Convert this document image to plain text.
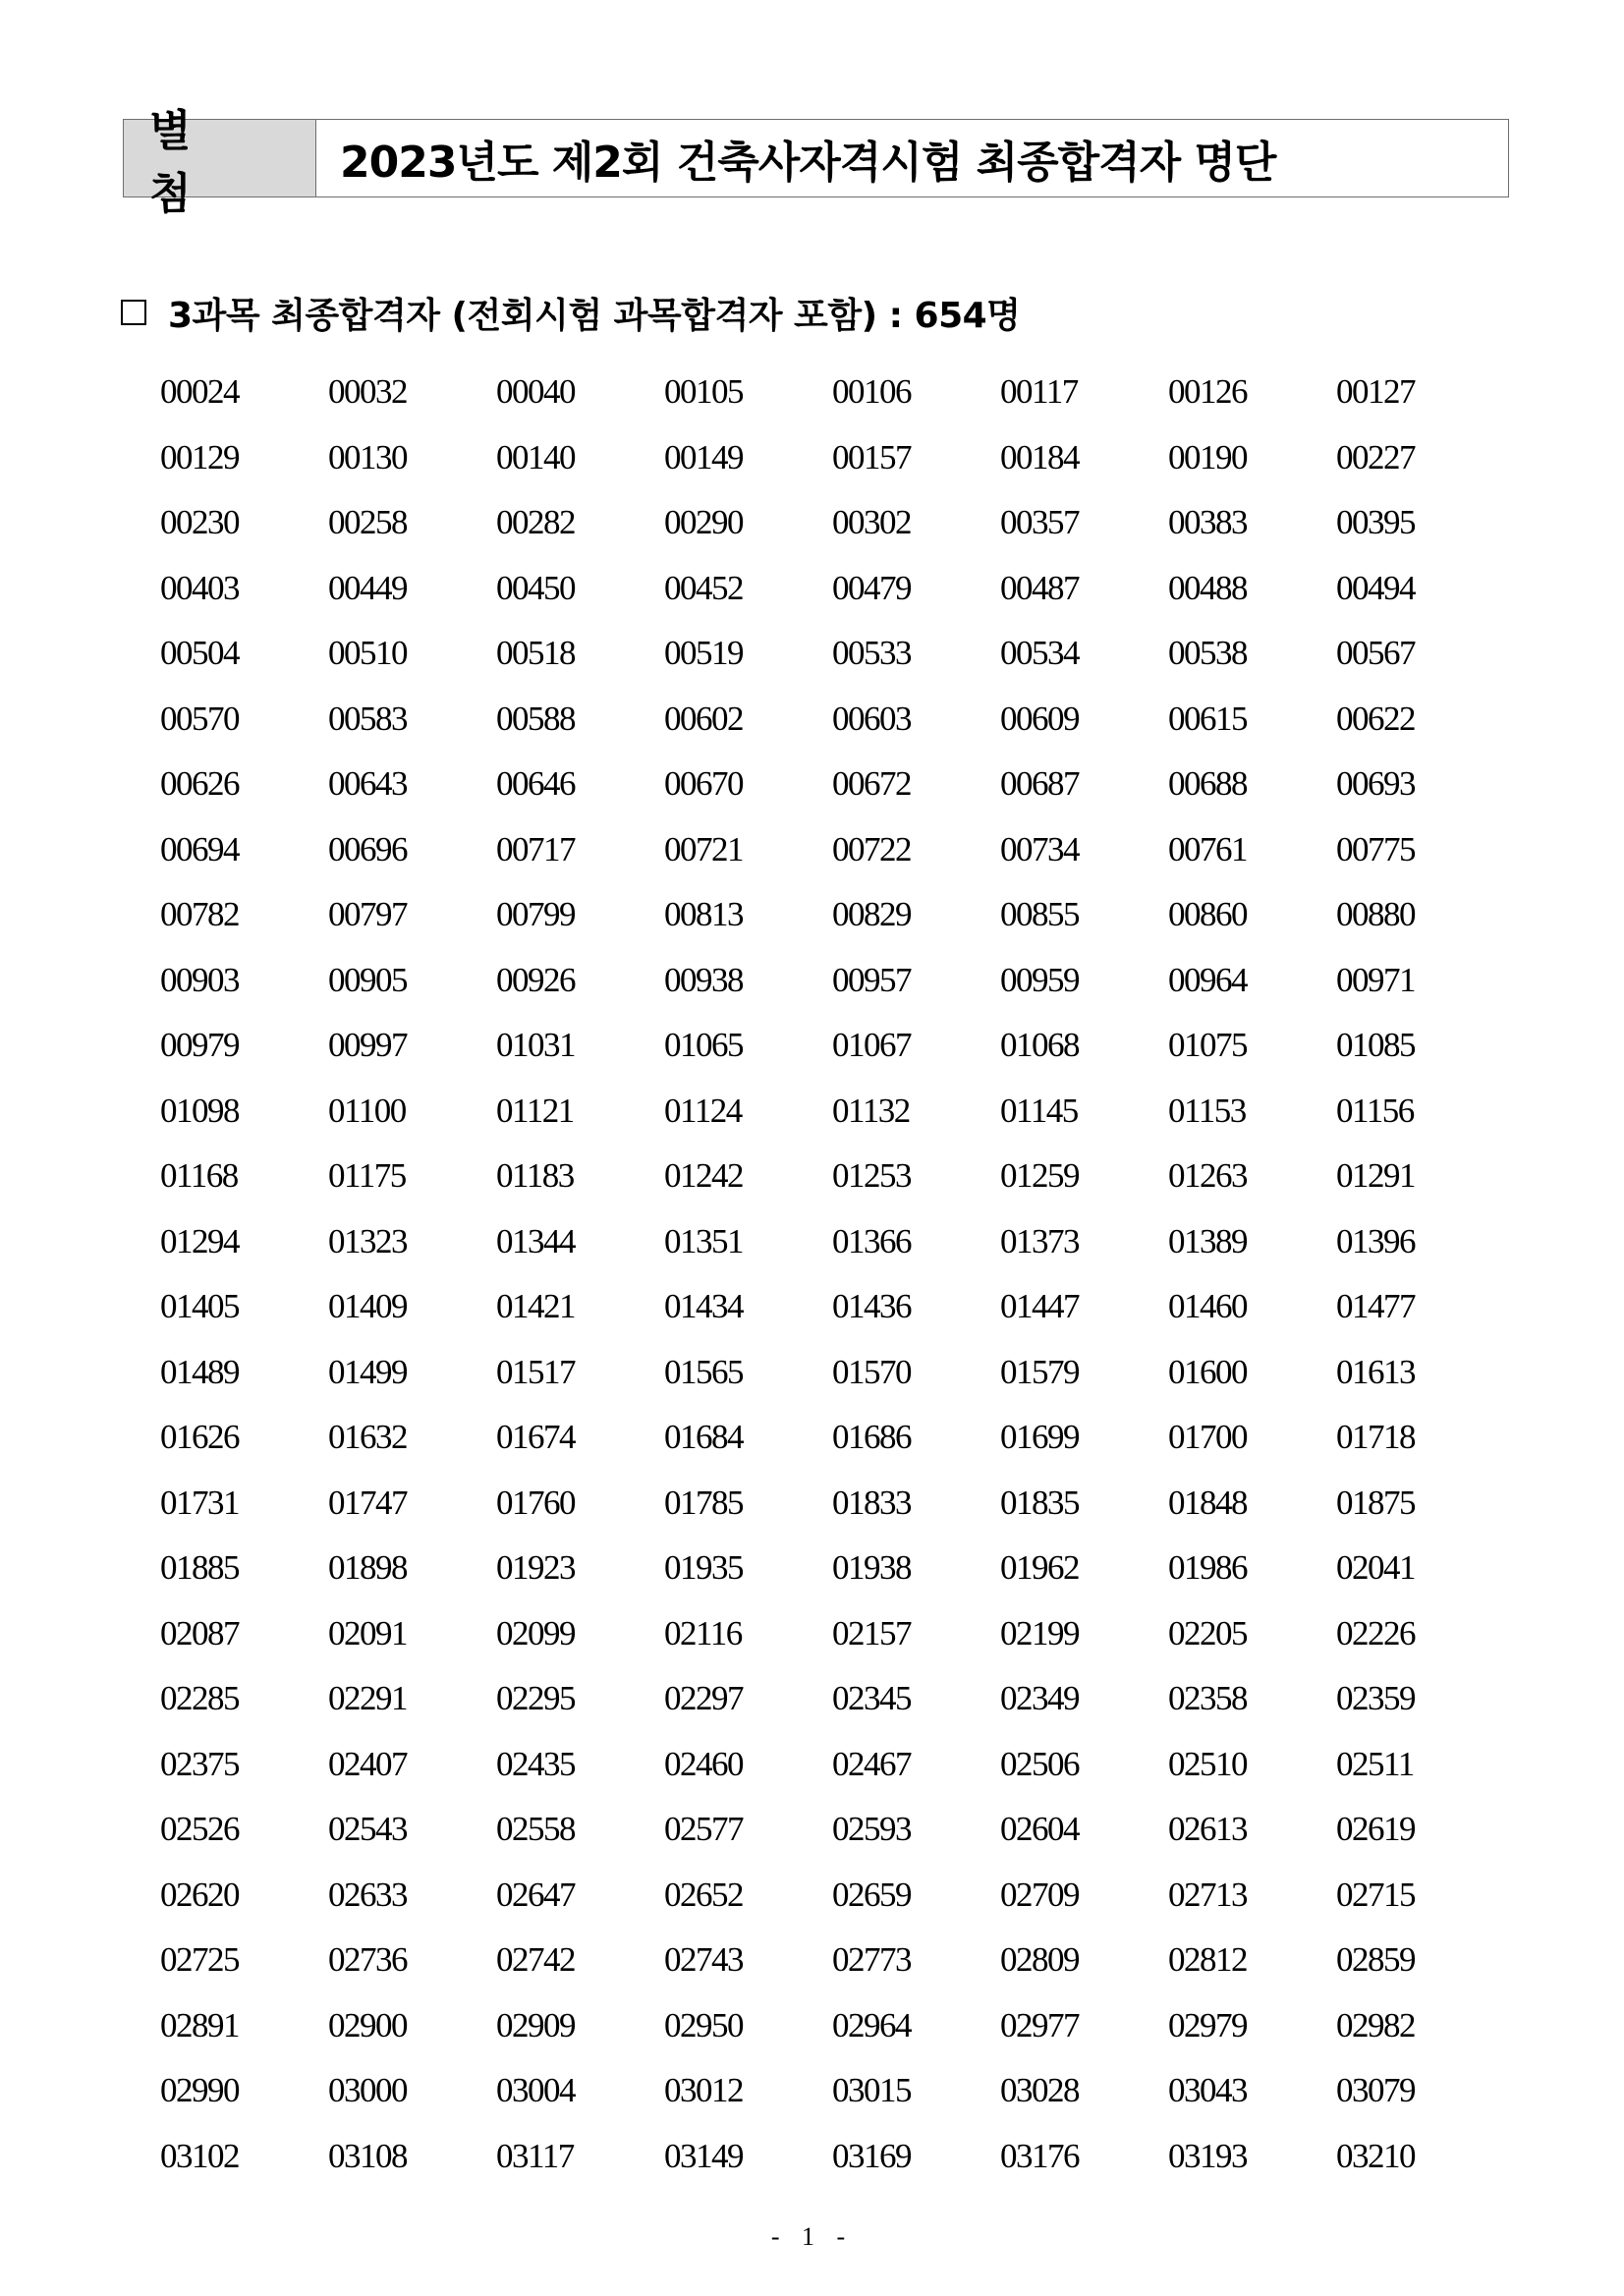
별 첨
2023년도 제2회 건축사자격시험 최종합격자 명단
3과목 최종합격자 (전회시험 과목합격자 포함) : 654명
00024	00032	00040	00105	00106	00117	00126	00127
00129	00130	00140	00149	00157	00184	00190	00227
00230	00258	00282	00290	00302	00357	00383	00395
00403	00449	00450	00452	00479	00487	00488	00494
00504	00510	00518	00519	00533	00534	00538	00567
00570	00583	00588	00602	00603	00609	00615	00622
00626	00643	00646	00670	00672	00687	00688	00693
00694	00696	00717	00721	00722	00734	00761	00775
00782	00797	00799	00813	00829	00855	00860	00880
00903	00905	00926	00938	00957	00959	00964	00971
00979	00997	01031	01065	01067	01068	01075	01085
01098	01100	01121	01124	01132	01145	01153	01156
01168	01175	01183	01242	01253	01259	01263	01291
01294	01323	01344	01351	01366	01373	01389	01396
01405	01409	01421	01434	01436	01447	01460	01477
01489	01499	01517	01565	01570	01579	01600	01613
01626	01632	01674	01684	01686	01699	01700	01718
01731	01747	01760	01785	01833	01835	01848	01875
01885	01898	01923	01935	01938	01962	01986	02041
02087	02091	02099	02116	02157	02199	02205	02226
02285	02291	02295	02297	02345	02349	02358	02359
02375	02407	02435	02460	02467	02506	02510	02511
02526	02543	02558	02577	02593	02604	02613	02619
02620	02633	02647	02652	02659	02709	02713	02715
02725	02736	02742	02743	02773	02809	02812	02859
02891	02900	02909	02950	02964	02977	02979	02982
02990	03000	03004	03012	03015	03028	03043	03079
03102	03108	03117	03149	03169	03176	03193	03210
- 1 -
